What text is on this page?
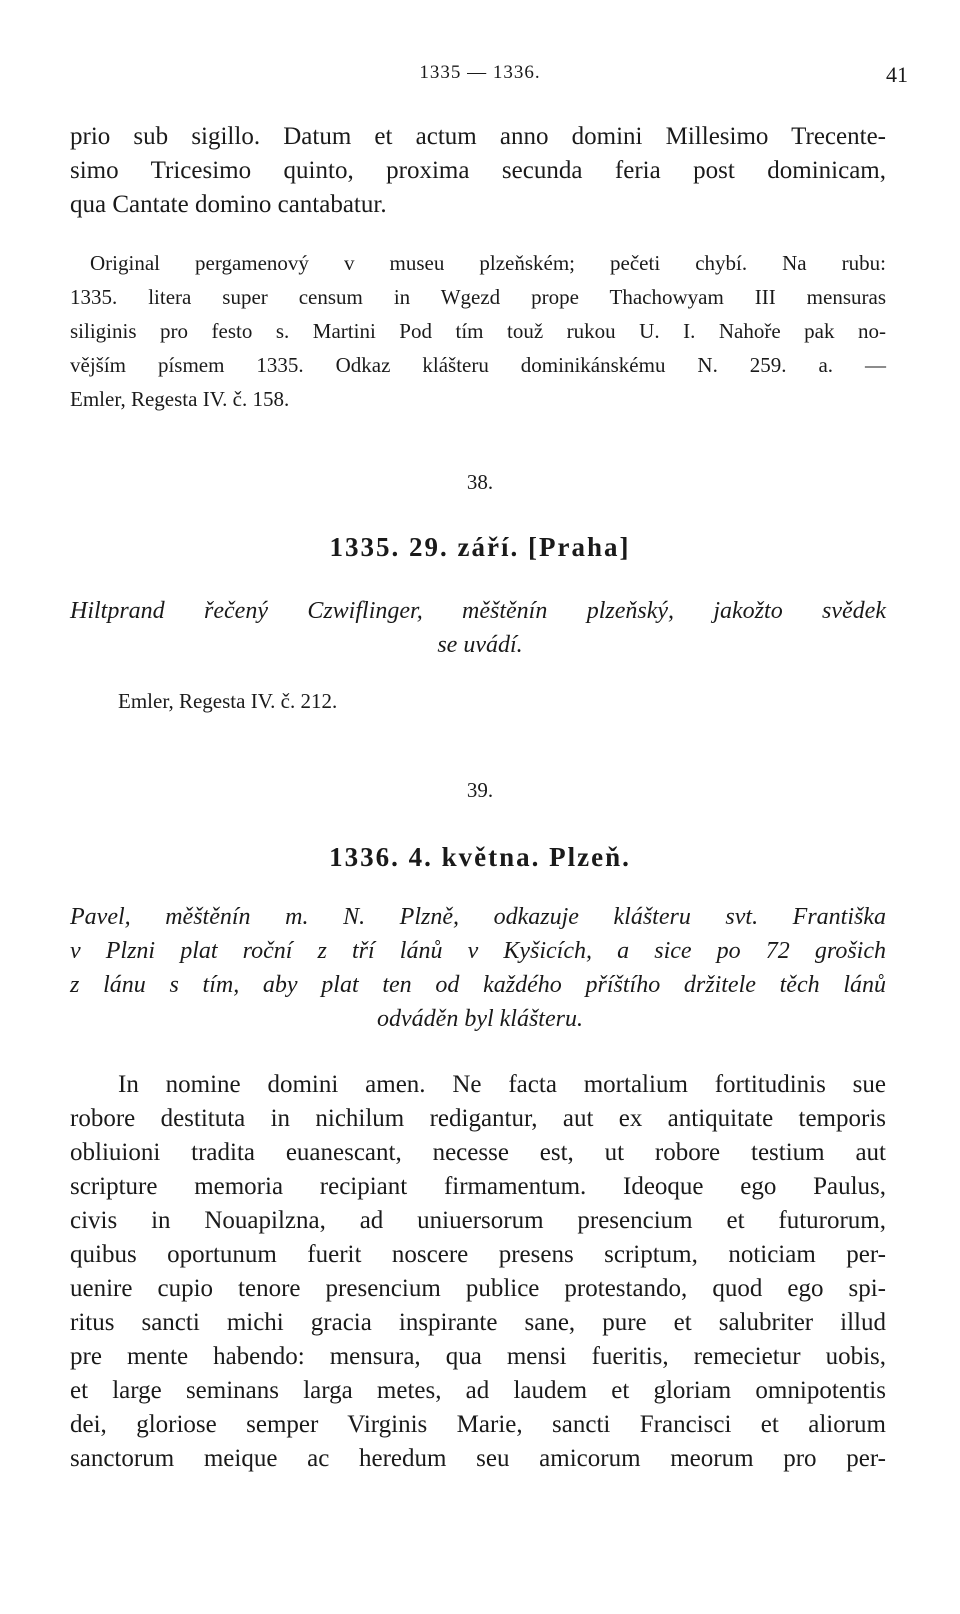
1335 — 1336.	41
prio sub sigillo. Datum et actum anno domini Millesimo Trecente-
simo Tricesimo quinto, proxima secunda feria post dominicam,
qua Cantate domino cantabatur.
Original pergamenový v museu plzeňském; pečeti chybí. Na rubu:
1335. litera super censum in Wgezd prope Thachowyam III mensuras
siliginis pro festo s. Martini Pod tím touž rukou U. I. Nahoře pak no-
vějším písmem 1335. Odkaz klášteru dominikánskému N. 259. a. —
Emler, Regesta IV. č. 158.
38.
1335. 29. září. [Praha]
Hiltprand řečený Czwiflinger, měštěnín plzeňský, jakožto svědek
se uvádí.
Emler, Regesta IV. č. 212.
39.
1336. 4. května. Plzeň.
Pavel, měštěnín m. N. Plzně, odkazuje klášteru svt. Františka
v Plzni plat roční z tří lánů v Kyšicích, a sice po 72 grošich
z lánu s tím, aby plat ten od každého příštího držitele těch lánů
odváděn byl klášteru.
In nomine domini amen. Ne facta mortalium fortitudinis sue
robore destituta in nichilum redigantur, aut ex antiquitate temporis
obliuioni tradita euanescant, necesse est, ut robore testium aut
scripture memoria recipiant firmamentum. Ideoque ego Paulus,
civis in Nouapilzna, ad uniuersorum presencium et futurorum,
quibus oportunum fuerit noscere presens scriptum, noticiam per-
uenire cupio tenore presencium publice protestando, quod ego spi-
ritus sancti michi gracia inspirante sane, pure et salubriter illud
pre mente habendo: mensura, qua mensi fueritis, remecietur uobis,
et large seminans larga metes, ad laudem et gloriam omnipotentis
dei, gloriose semper Virginis Marie, sancti Francisci et aliorum
sanctorum meique ac heredum seu amicorum meorum pro per-
